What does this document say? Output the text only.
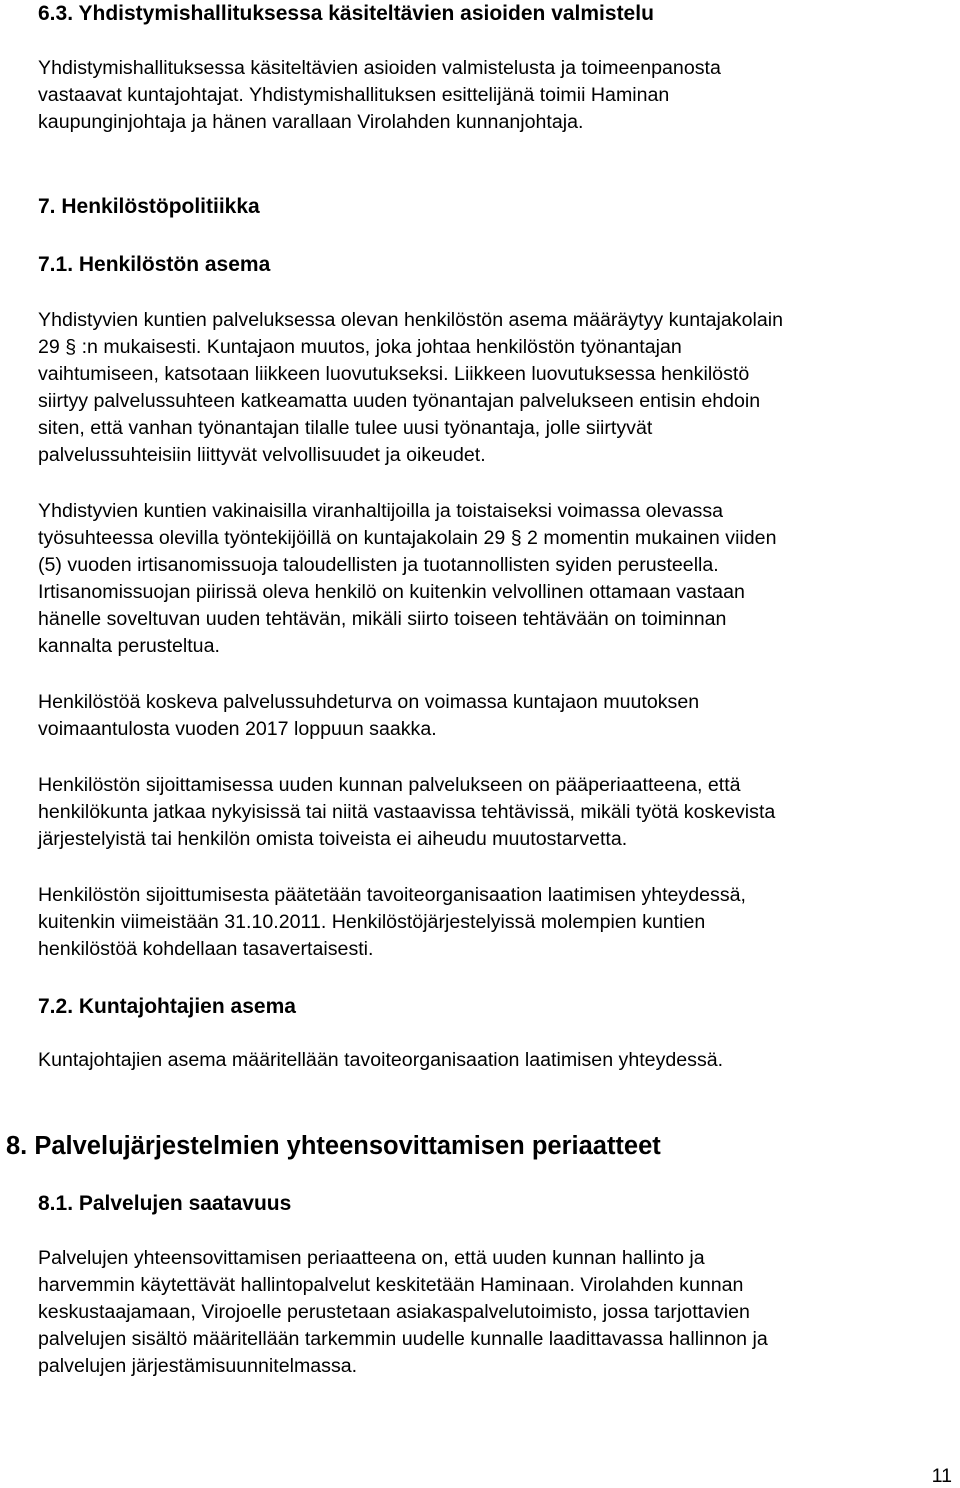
6.3. Yhdistymishallituksessa käsiteltävien asioiden valmistelu

Yhdistymishallituksessa käsiteltävien asioiden valmistelusta ja toimeenpanosta
vastaavat kuntajohtajat. Yhdistymishallituksen esittelijänä toimii Haminan
kaupunginjohtaja ja hänen varallaan Virolahden kunnanjohtaja.

7. Henkilöstöpolitiikka
7.1. Henkilöstön asema

Yhdistyvien kuntien palveluksessa olevan henkilöstön asema määräytyy kuntajakolain
29 § :n mukaisesti. Kuntajaon muutos, joka johtaa henkilöstön työnantajan
vaihtumiseen, katsotaan liikkeen luovutukseksi. Liikkeen luovutuksessa henkilöstö
siirtyy palvelussuhteen katkeamatta uuden työnantajan palvelukseen entisin ehdoin
siten, että vanhan työnantajan tilalle tulee uusi työnantaja, jolle siirtyvät
palvelussuhteisiin liittyvät velvollisuudet ja oikeudet.

Yhdistyvien kuntien vakinaisilla viranhaltijoilla ja toistaiseksi voimassa olevassa
työsuhteessa olevilla työntekijöillä on kuntajakolain 29 § 2 momentin mukainen viiden
(5) vuoden irtisanomissuoja taloudellisten ja tuotannollisten syiden perusteella.
Irtisanomissuojan piirissä oleva henkilö on kuitenkin velvollinen ottamaan vastaan
hänelle soveltuvan uuden tehtävän, mikäli siirto toiseen tehtävään on toiminnan
kannalta perusteltua.

Henkilöstöä koskeva palvelussuhdeturva on voimassa kuntajaon muutoksen
voimaantulosta vuoden 2017 loppuun saakka.

Henkilöstön sijoittamisessa uuden kunnan palvelukseen on pääperiaatteena, että
henkilökunta jatkaa nykyisissä tai niitä vastaavissa tehtävissä, mikäli työtä koskevista
järjestelyistä tai henkilön omista toiveista ei aiheudu muutostarvetta.

Henkilöstön sijoittumisesta päätetään tavoiteorganisaation laatimisen yhteydessä,
kuitenkin viimeistään 31.10.2011. Henkilöstöjärjestelyissä molempien kuntien
henkilöstöä kohdellaan tasavertaisesti.

7.2. Kuntajohtajien asema

Kuntajohtajien asema määritellään tavoiteorganisaation laatimisen yhteydessä.

8. Palvelujärjestelmien yhteensovittamisen periaatteet
8.1. Palvelujen saatavuus

Palvelujen yhteensovittamisen periaatteena on, että uuden kunnan hallinto ja
harvemmin käytettävät hallintopalvelut keskitetään Haminaan. Virolahden kunnan
keskustaajamaan, Virojoelle perustetaan asiakaspalvelutoimisto, jossa tarjottavien
palvelujen sisältö määritellään tarkemmin uudelle kunnalle laadittavassa hallinnon ja
palvelujen järjestämisuunnitelmassa.

11
